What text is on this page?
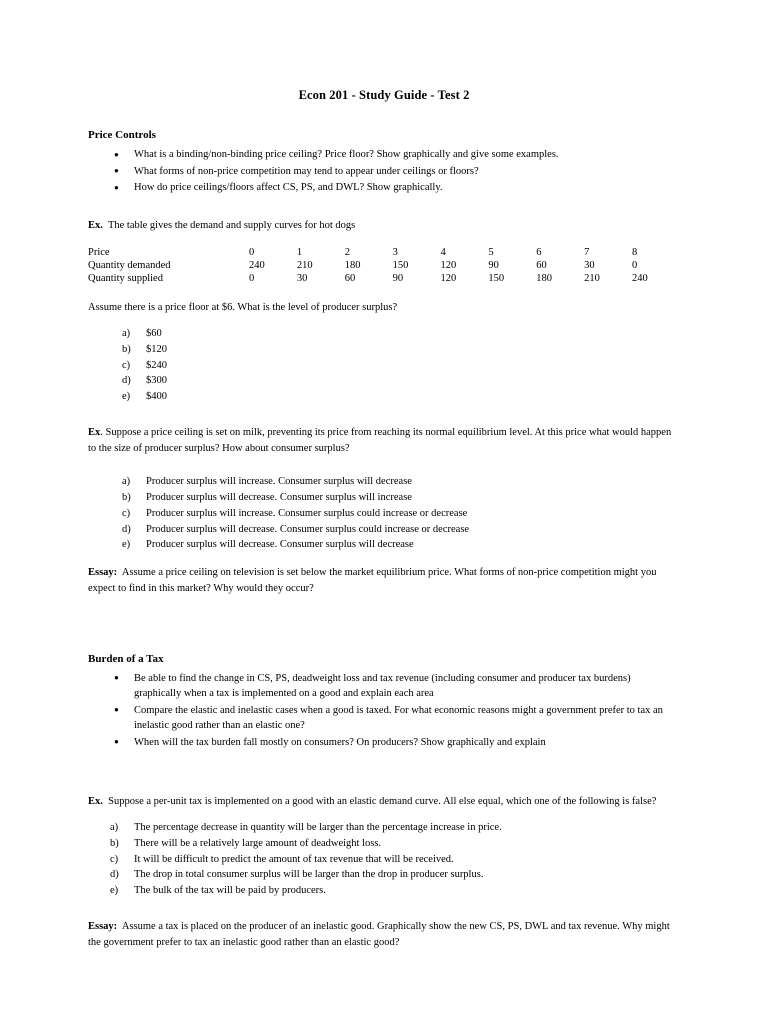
Econ 201 - Study Guide - Test 2
Price Controls
● What is a binding/non-binding price ceiling? Price floor? Show graphically and give some examples.
● What forms of non-price competition may tend to appear under ceilings or floors?
● How do price ceilings/floors affect CS, PS, and DWL? Show graphically.
Ex. The table gives the demand and supply curves for hot dogs
Price	0	1	2	3	4	5	6	7	8
Quantity demanded	240	210	180	150	120	90	60	30	0
Quantity supplied	0	30	60	90	120	150	180	210	240
Assume there is a price floor at $6. What is the level of producer surplus?
a)	$60
b)	$120
c)	$240
d)	$300
e)	$400
Ex. Suppose a price ceiling is set on milk, preventing its price from reaching its normal equilibrium level. At this price what would happen to the size of producer surplus? How about consumer surplus?
a)	Producer surplus will increase. Consumer surplus will decrease
b)	Producer surplus will decrease. Consumer surplus will increase
c)	Producer surplus will increase. Consumer surplus could increase or decrease
d)	Producer surplus will decrease. Consumer surplus could increase or decrease
e)	Producer surplus will decrease. Consumer surplus will decrease
Essay: Assume a price ceiling on television is set below the market equilibrium price. What forms of non-price competition might you expect to find in this market? Why would they occur?
Burden of a Tax
● Be able to find the change in CS, PS, deadweight loss and tax revenue (including consumer and producer tax burdens) graphically when a tax is implemented on a good and explain each area
● Compare the elastic and inelastic cases when a good is taxed. For what economic reasons might a government prefer to tax an inelastic good rather than an elastic one?
● When will the tax burden fall mostly on consumers? On producers? Show graphically and explain
Ex. Suppose a per-unit tax is implemented on a good with an elastic demand curve. All else equal, which one of the following is false?
a)	The percentage decrease in quantity will be larger than the percentage increase in price.
b)	There will be a relatively large amount of deadweight loss.
c)	It will be difficult to predict the amount of tax revenue that will be received.
d)	The drop in total consumer surplus will be larger than the drop in producer surplus.
e)	The bulk of the tax will be paid by producers.
Essay: Assume a tax is placed on the producer of an inelastic good. Graphically show the new CS, PS, DWL and tax revenue. Why might the government prefer to tax an inelastic good rather than an elastic good?
